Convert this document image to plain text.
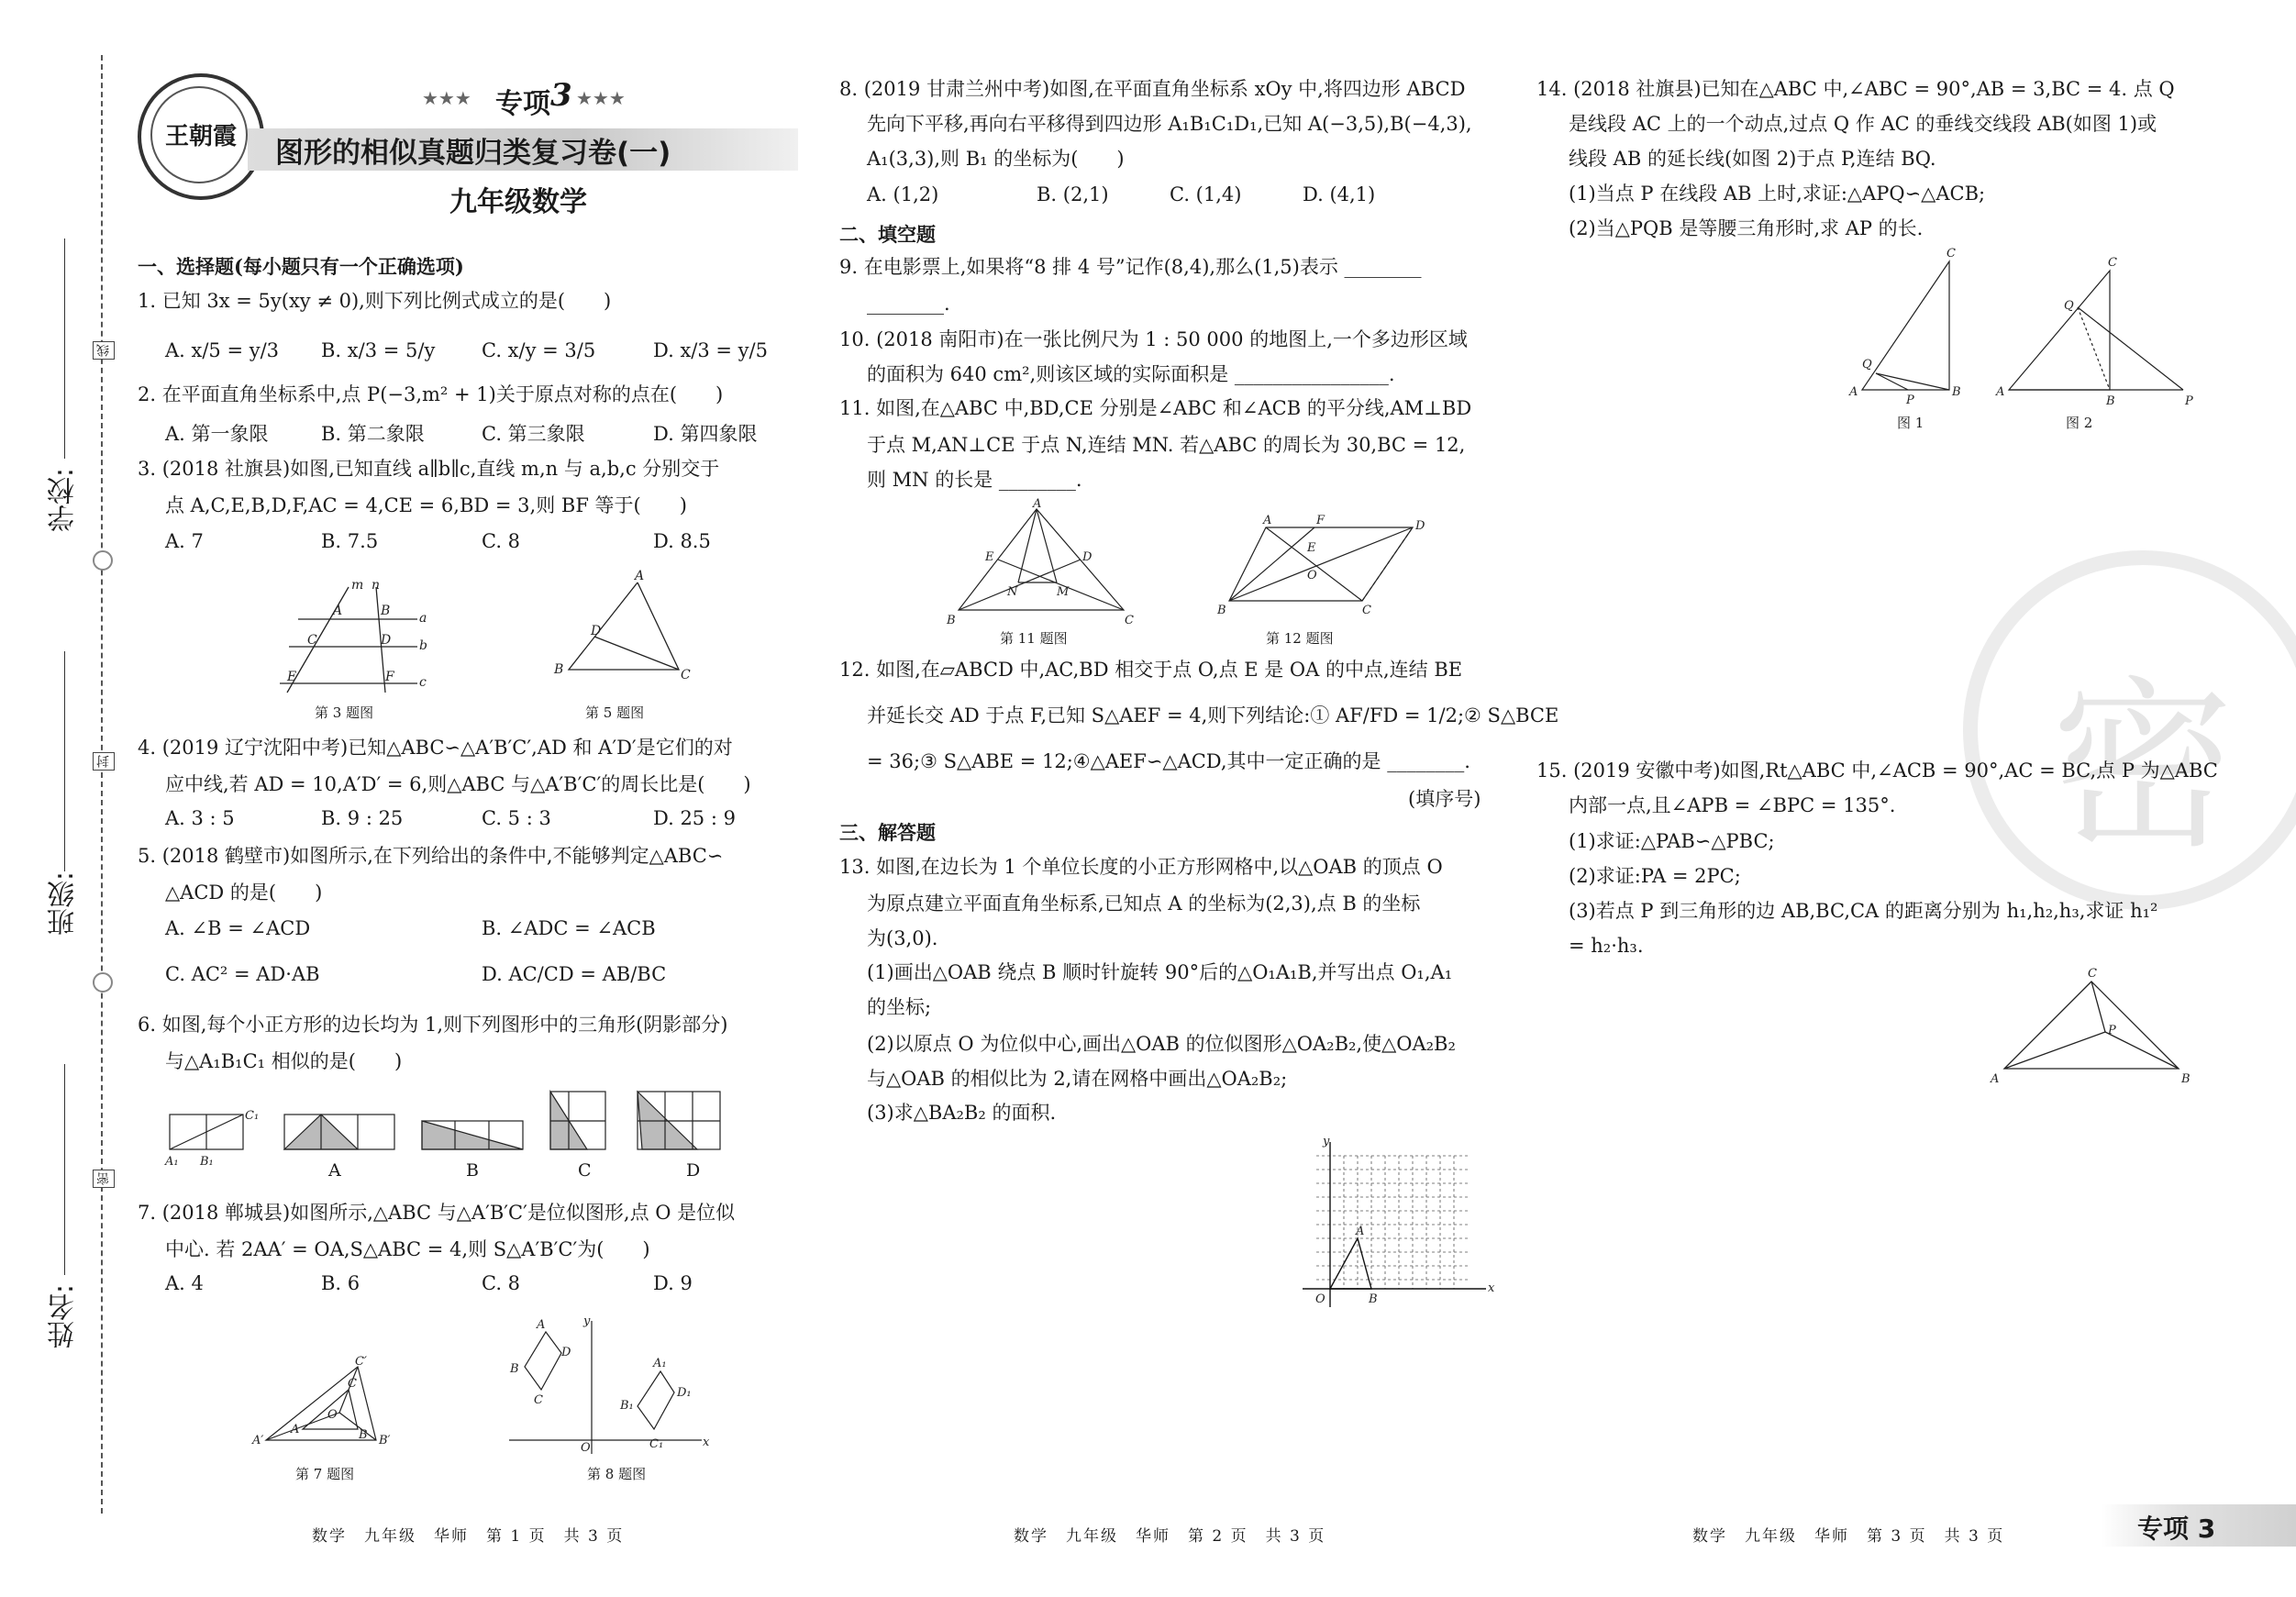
学校:
班级:
姓名:
线
封
密
王朝霞
★★★ 专项 3 ★★★
图形的相似真题归类复习卷(一)
九年级数学
一、选择题(每小题只有一个正确选项)
1. 已知 3x = 5y(xy ≠ 0),则下列比例式成立的是(　　)
A. x/5 = y/3 B. x/3 = 5/y C. x/y = 3/5	D. x/3 = y/5
2. 在平面直角坐标系中,点 P(−3,m² + 1)关于原点对称的点在(　　)
A. 第一象限	B. 第二象限	C. 第三象限	D. 第四象限
3. (2018 社旗县)如图,已知直线 a∥b∥c,直线 m,n 与 a,b,c 分别交于
点 A,C,E,B,D,F,AC = 4,CE = 6,BD = 3,则 BF 等于(　　)
A. 7	B. 7.5	C. 8	D. 8.5
A	B
C	D
E	F
a
b
c
m n
第 3 题图
A
B	C
D
第 5 题图
4. (2019 辽宁沈阳中考)已知△ABC∽△A′B′C′,AD 和 A′D′是它们的对
应中线,若 AD = 10,A′D′ = 6,则△ABC 与△A′B′C′的周长比是(　　)
A. 3 : 5	B. 9 : 25	C. 5 : 3	D. 25 : 9
5. (2018 鹤壁市)如图所示,在下列给出的条件中,不能够判定△ABC∽
△ACD 的是(　　)
A. ∠B = ∠ACD	B. ∠ADC = ∠ACB
C. AC² = AD·AB	D. AC/CD = AB/BC
6. 如图,每个小正方形的边长均为 1,则下列图形中的三角形(阴影部分)
与△A₁B₁C₁ 相似的是(　　)
A₁ B₁
C₁
A	B	C	D
7. (2018 郸城县)如图所示,△ABC 与△A′B′C′是位似图形,点 O 是位似
中心. 若 2AA′ = OA,S△ABC = 4,则 S△A′B′C′为(　　)
A. 4	B. 6	C. 8	D. 9
A′
C′
B′
A
C
B
O
第 7 题图
A
D
B
C
A₁
D₁
B₁
C₁	x
y
O
第 8 题图
数学　九年级　华师　第 1 页　共 3 页
8. (2019 甘肃兰州中考)如图,在平面直角坐标系 xOy 中,将四边形 ABCD
先向下平移,再向右平移得到四边形 A₁B₁C₁D₁,已知 A(−3,5),B(−4,3),
A₁(3,3),则 B₁ 的坐标为(　　)
A. (1,2)	B. (2,1)	C. (1,4)	D. (4,1)
二、填空题
9. 在电影票上,如果将“8 排 4 号”记作(8,4),那么(1,5)表示 ________
________.
10. (2018 南阳市)在一张比例尺为 1 : 50 000 的地图上,一个多边形区域
的面积为 640 cm²,则该区域的实际面积是 ________________.
11. 如图,在△ABC 中,BD,CE 分别是∠ABC 和∠ACB 的平分线,AM⊥BD
于点 M,AN⊥CE 于点 N,连结 MN. 若△ABC 的周长为 30,BC = 12,
则 MN 的长是 ________.
A
B	C
E	D
N	M
第 11 题图
A	F	D
E
O
B	C
第 12 题图
12. 如图,在▱ABCD 中,AC,BD 相交于点 O,点 E 是 OA 的中点,连结 BE
并延长交 AD 于点 F,已知 S△AEF = 4,则下列结论:① AF/FD = 1/2;② S△BCE
= 36;③ S△ABE = 12;④△AEF∽△ACD,其中一定正确的是 ________.
(填序号)
三、解答题
13. 如图,在边长为 1 个单位长度的小正方形网格中,以△OAB 的顶点 O
为原点建立平面直角坐标系,已知点 A 的坐标为(2,3),点 B 的坐标
为(3,0).
(1)画出△OAB 绕点 B 顺时针旋转 90°后的△O₁A₁B,并写出点 O₁,A₁
的坐标;
(2)以原点 O 为位似中心,画出△OAB 的位似图形△OA₂B₂,使△OA₂B₂
与△OAB 的相似比为 2,请在网格中画出△OA₂B₂;
(3)求△BA₂B₂ 的面积.
y
x
O
A
B
数学　九年级　华师　第 2 页　共 3 页
密
14. (2018 社旗县)已知在△ABC 中,∠ABC = 90°,AB = 3,BC = 4. 点 Q
是线段 AC 上的一个动点,过点 Q 作 AC 的垂线交线段 AB(如图 1)或
线段 AB 的延长线(如图 2)于点 P,连结 BQ.
(1)当点 P 在线段 AB 上时,求证:△APQ∽△ACB;
(2)当△PQB 是等腰三角形时,求 AP 的长.
C
A	B
Q
P
C
A
B
Q
P
图 1	图 2
15. (2019 安徽中考)如图,Rt△ABC 中,∠ACB = 90°,AC = BC,点 P 为△ABC
内部一点,且∠APB = ∠BPC = 135°.
(1)求证:△PAB∽△PBC;
(2)求证:PA = 2PC;
(3)若点 P 到三角形的边 AB,BC,CA 的距离分别为 h₁,h₂,h₃,求证 h₁²
= h₂·h₃.
C
A	B
P
数学　九年级　华师　第 3 页　共 3 页	专项 3
